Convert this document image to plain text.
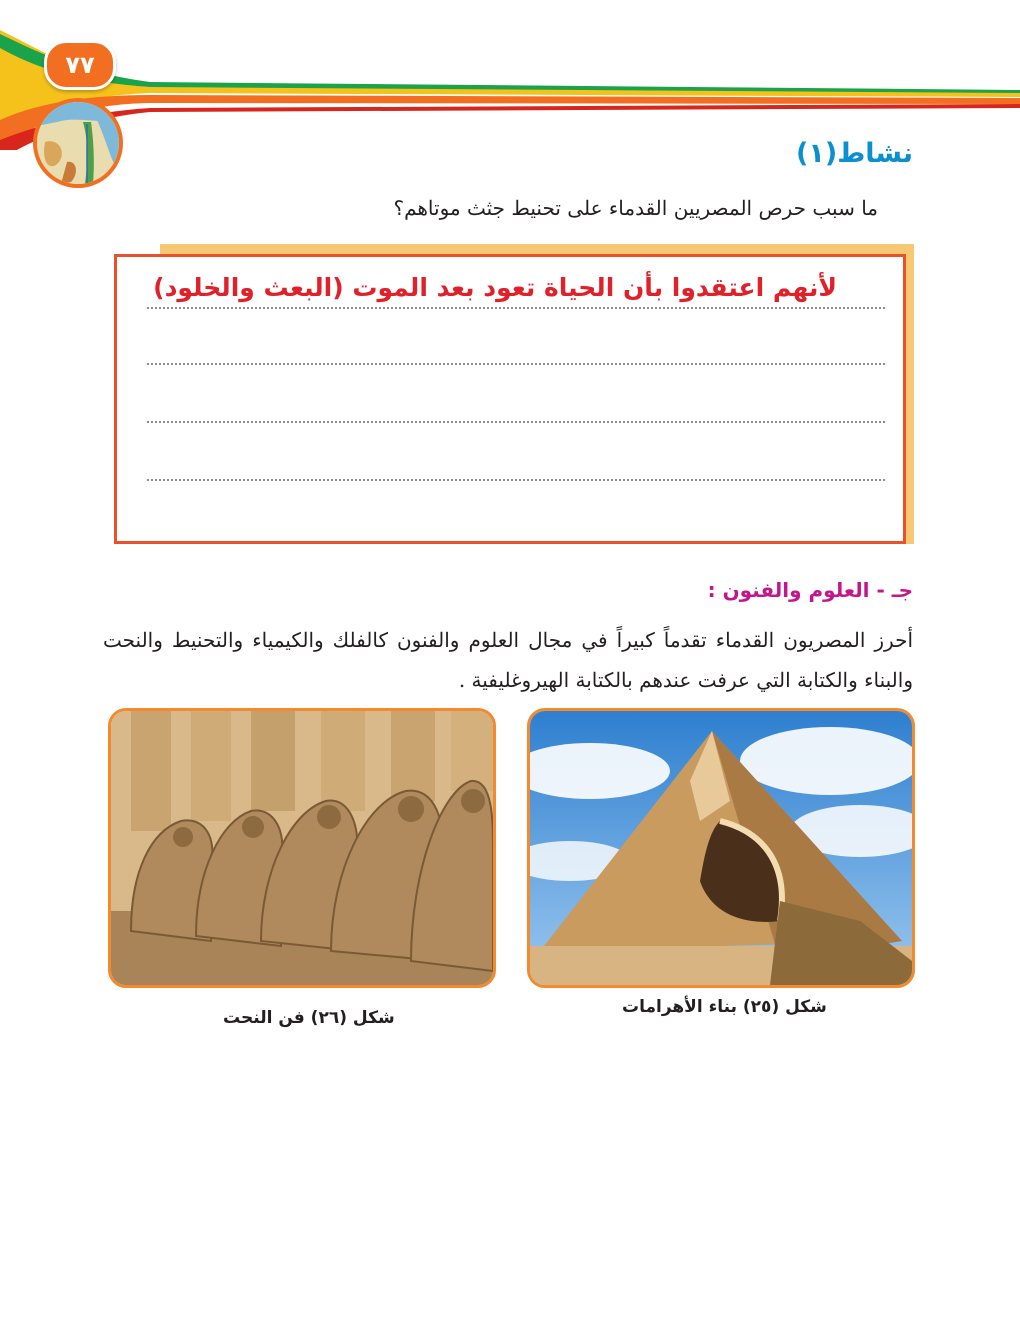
٧٧
نشاط(١)
ما سبب حرص المصريين القدماء على تحنيط جثث موتاهم؟
لأنهم اعتقدوا بأن الحياة تعود بعد الموت (البعث والخلود)
جـ - العلوم والفنون :
أحرز المصريون القدماء تقدماً كبيراً في مجال العلوم والفنون كالفلك والكيمياء والتحنيط والنحت والبناء والكتابة التي عرفت عندهم بالكتابة الهيروغليفية .
شكل (٢٥) بناء الأهرامات
شكل (٢٦) فن النحت
